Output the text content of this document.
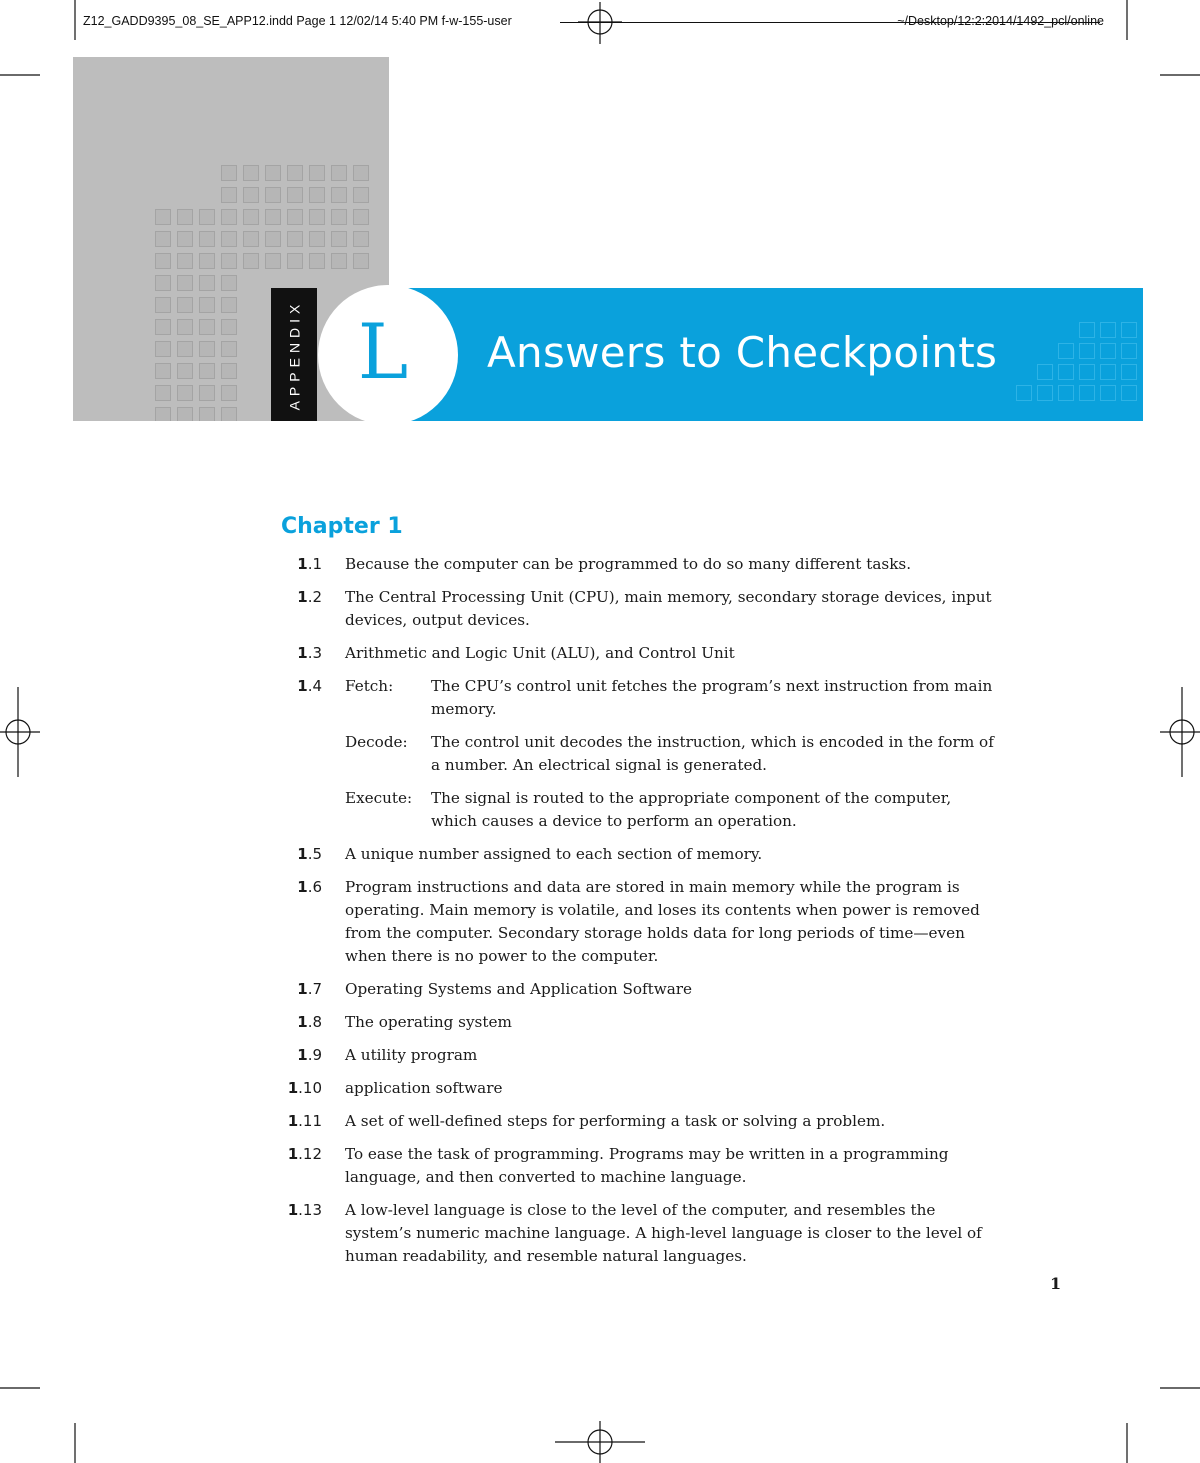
Z12_GADD9395_08_SE_APP12.indd Page 1 12/02/14 5:40 PM f-w-155-user	~/Desktop/12:2:2014/1492_pcl/online
APPENDIX L Answers to Checkpoints
Chapter 1
1.1 Because the computer can be programmed to do so many different tasks.
1.2 The Central Processing Unit (CPU), main memory, secondary storage devices, input devices, output devices.
1.3 Arithmetic and Logic Unit (ALU), and Control Unit
1.4 Fetch:	The CPU’s control unit fetches the program’s next instruction from main memory.
Decode:	The control unit decodes the instruction, which is encoded in the form of a number. An electrical signal is generated.
Execute:	The signal is routed to the appropriate component of the computer, which causes a device to perform an operation.
1.5 A unique number assigned to each section of memory.
1.6 Program instructions and data are stored in main memory while the program is operating. Main memory is volatile, and loses its contents when power is removed from the computer. Secondary storage holds data for long periods of time—even when there is no power to the computer.
1.7 Operating Systems and Application Software
1.8 The operating system
1.9 A utility program
1.10 application software
1.11 A set of well-defined steps for performing a task or solving a problem.
1.12 To ease the task of programming. Programs may be written in a programming language, and then converted to machine language.
1.13 A low-level language is close to the level of the computer, and resembles the system’s numeric machine language. A high-level language is closer to the level of human readability, and resemble natural languages.
1
